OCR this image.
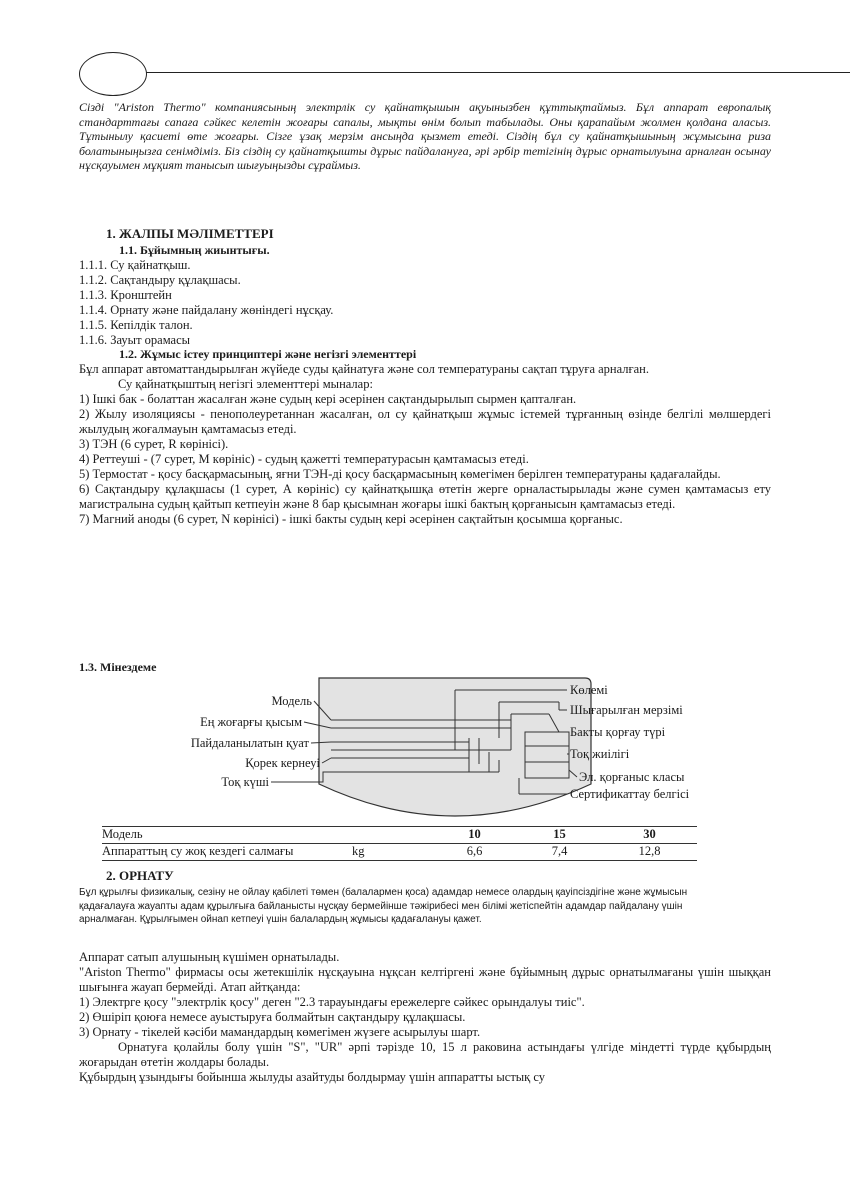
Сізді "Ariston Thermo" компаниясының электрлік су қайнатқышын ақуынызбен құттықтаймыз. Бұл аппарат европалық стандарттағы сапаға сәйкес келетін жоғары сапалы, мықты өнім болып табылады. Оны қарапайым жолмен қолдана аласыз. Тұтынылу қасиеті өте жоғары. Сізге ұзақ мерзім ансыңда қызмет етеді. Сіздің бұл су қайнатқышының жұмысына риза болатыныңызға сенімдіміз. Біз сіздің су қайнатқышты дұрыс пайдалануға, әрі әрбір тетігінің дұрыс орнатылуына арналған осынау нұсқауымен мұқият танысып шығуыңызды сұраймыз.
1. ЖАЛПЫ МӘЛІМЕТТЕРІ
1.1. Бұйымның жиынтығы.

1.1.1. Су қайнатқыш.

1.1.2. Сақтандыру құлақшасы.

1.1.3. Кронштейн

1.1.4. Орнату және пайдалану жөніндегі нұсқау.

1.1.5. Кепілдік талон.

1.1.6. Зауыт орамасы

1.2. Жұмыс істеу принциптері және негізгі элементтері

Бұл аппарат автоматтандырылған жүйеде суды қайнатуға және сол температураны сақтап тұруға арналған.

Су қайнатқыштың негізгі элементтері мыналар:

1) Ішкі бак - болаттан жасалған және судың кері әсерінен сақтандырылып сырмен қапталған.

2) Жылу изоляциясы - пенополеуретаннан жасалған, ол су қайнатқыш жұмыс істемей тұрғанның өзінде белгілі мөлшердегі жылудың жоғалмауын қамтамасыз етеді.

3) ТЭН (6 сурет, R көрінісі).

4) Реттеуші - (7 сурет, М көрініс) - судың қажетті температурасын қамтамасыз етеді.

5) Термостат - қосу басқармасының, яғни ТЭН-ді қосу басқармасының көмегімен берілген температураны қадағалайды.

6) Сақтандыру құлақшасы (1 сурет, А көрініс) су қайнатқышқа өтетін жерге орналастырылады және сумен қамтамасыз ету магистралына судың қайтып кетпеуін және 8 бар қысымнан жоғары ішкі бактың қорғанысын қамтамасыз етеді.

7) Магний аноды (6 сурет, N көрінісі) - ішкі бакты судың кері әсерінен сақтайтын қосымша қорғаныс.

1.3. Мінездеме
Модель
Ең жоғарғы қысым
Пайдаланылатын қуат
Қорек кернеуі
Тоқ күші
Көлемі
Шығарылған мерзімі
Бакты қорғау түрі
Тоқ жиілігі
Эл. қорғаныс класы
Сертификаттау белгісі
Модель		10	15	30
Аппараттың су жоқ кездегі салмағы	kg	6,6	7,4	12,8
2. ОРНАТУ
Бұл құрылғы физикалық, сезіну не ойлау қабілеті төмен (балалармен қоса) адамдар немесе олардың қауіпсіздігіне және жұмысын қадағалауға жауапты адам құрылғыға байланысты нұсқау бермейінше тәжірибесі мен білімі жетіспейтін адамдар пайдалану үшін арналмаған. Құрылғымен ойнап кетпеуі үшін балалардың жұмысы қадағалануы қажет.

Аппарат сатып алушының күшімен орнатылады.

"Ariston Thermo" фирмасы осы жетекшілік нұсқауына нұқсан келтіргені және бұйымның дұрыс орнатылмағаны үшін шыққан шығынға жауап бермейді. Атап айтқанда:

1) Электрге қосу "электрлік қосу" деген "2.3 тарауындағы ережелерге сәйкес орындалуы тиіс".

2) Өшіріп қоюға немесе ауыстыруға болмайтын сақтандыру құлақшасы.

3) Орнату - тікелей кәсіби мамандардың көмегімен жүзеге асырылуы шарт.

Орнатуға қолайлы болу үшін "S", "UR" әрпі тәрізде 10, 15 л раковина астындағы үлгіде міндетті түрде құбырдың жоғарыдан өтетін жолдары болады.

Құбырдың ұзындығы бойынша жылуды азайтуды болдырмау үшін аппаратты ыстық су
